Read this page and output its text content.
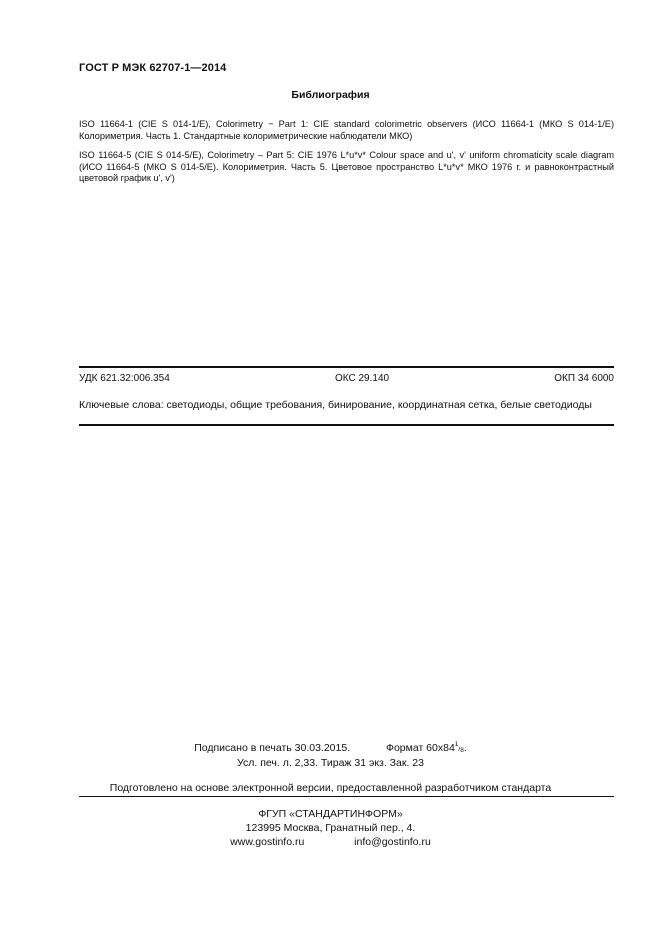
ГОСТ Р МЭК 62707-1—2014
Библиография
ISO 11664-1 (CIE S 014-1/E), Colorimetry − Part 1: CIE standard colorimetric observers (ИСО 11664-1 (МКО S 014-1/E) Колориметрия. Часть 1. Стандартные колориметрические наблюдатели МКО)
ISO 11664-5 (CIE S 014-5/E), Colorimetry – Part 5: CIE 1976 L*u*v* Colour space and u', v' uniform chromaticity scale diagram (ИСО 11664-5 (МКО S 014-5/E). Колориметрия. Часть 5. Цветовое пространство L*u*v* МКО 1976 г. и равноконтрастный цветовой график u', v')
УДК 621.32:006.354	ОКС 29.140	ОКП 34 6000
Ключевые слова: светодиоды, общие требования, бинирование, координатная сетка, белые светодиоды
Подписано в печать 30.03.2015.	Формат 60x841/8.
Усл. печ. л. 2,33. Тираж 31 экз. Зак. 23
Подготовлено на основе электронной версии, предоставленной разработчиком стандарта
ФГУП «СТАНДАРТИНФОРМ»
123995 Москва, Гранатный пер., 4.
www.gostinfo.ru	info@gostinfo.ru
